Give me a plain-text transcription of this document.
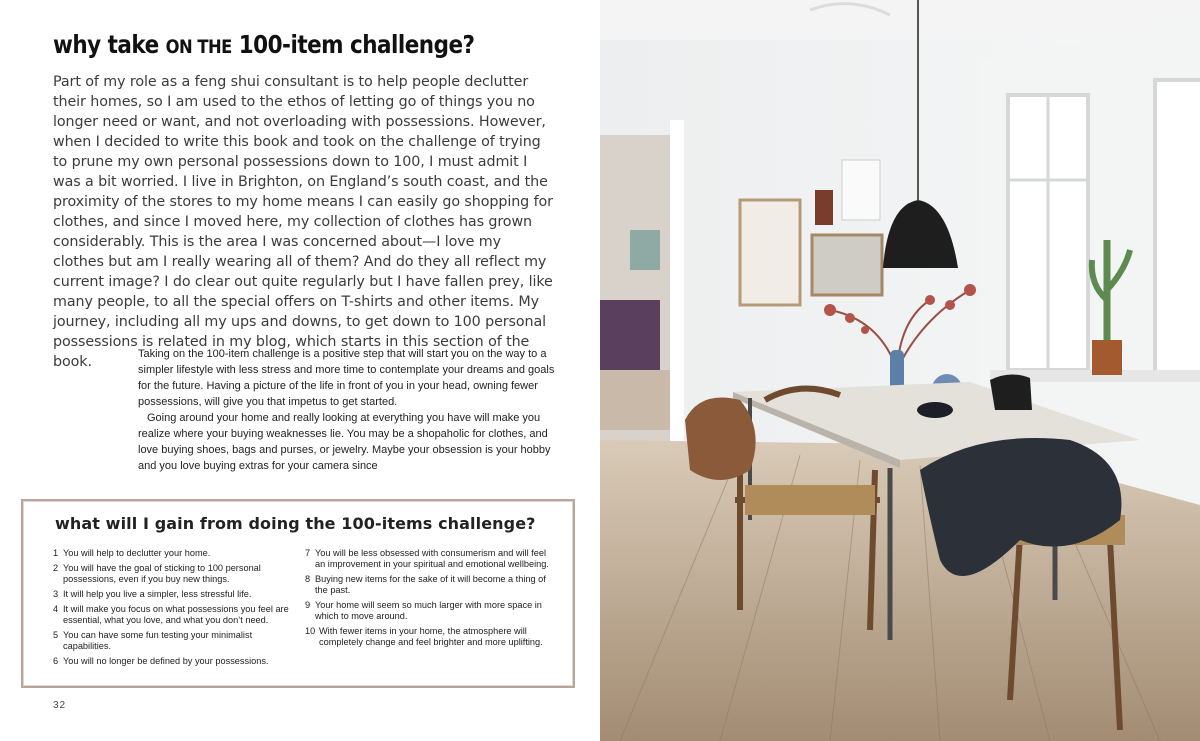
why take ON THE 100-item challenge?

Part of my role as a feng shui consultant is to help people declutter their homes, so I am used to the ethos of letting go of things you no longer need or want, and not overloading with possessions. However, when I decided to write this book and took on the challenge of trying to prune my own personal possessions down to 100, I must admit I was a bit worried. I live in Brighton, on England’s south coast, and the proximity of the stores to my home means I can easily go shopping for clothes, and since I moved here, my collection of clothes has grown considerably. This is the area I was concerned about—I love my clothes but am I really wearing all of them? And do they all reflect my current image? I do clear out quite regularly but I have fallen prey, like many people, to all the special offers on T-shirts and other items. My journey, including all my ups and downs, to get down to 100 personal possessions is related in my blog, which starts in this section of the book.	Taking on the 100-item challenge is a positive step that will start you on the way to a simpler lifestyle with less stress and more time to contemplate your dreams and goals for the future. Having a picture of the life in front of you in your head, owning fewer possessions, will give you that impetus to get started.

Going around your home and really looking at everything you have will make you realize where your buying weaknesses lie. You may be a shopaholic for clothes, and love buying shoes, bags and purses, or jewelry. Maybe your obsession is your hobby and you love buying extras for your camera since

what will I gain from doing the 100-items challenge?
1 You will help to declutter your home.
2 You will have the goal of sticking to 100 personal possessions, even if you buy new things.
3 It will help you live a simpler, less stressful life.
4 It will make you focus on what possessions you feel are essential, what you love, and what you don’t need.
5 You can have some fun testing your minimalist capabilities.
6 You will no longer be defined by your possessions.
7 You will be less obsessed with consumerism and will feel an improvement in your spiritual and emotional wellbeing.
8 Buying new items for the sake of it will become a thing of the past.
9 Your home will seem so much larger with more space in which to move around.
10 With fewer items in your home, the atmosphere will completely change and feel brighter and more uplifting.
32
